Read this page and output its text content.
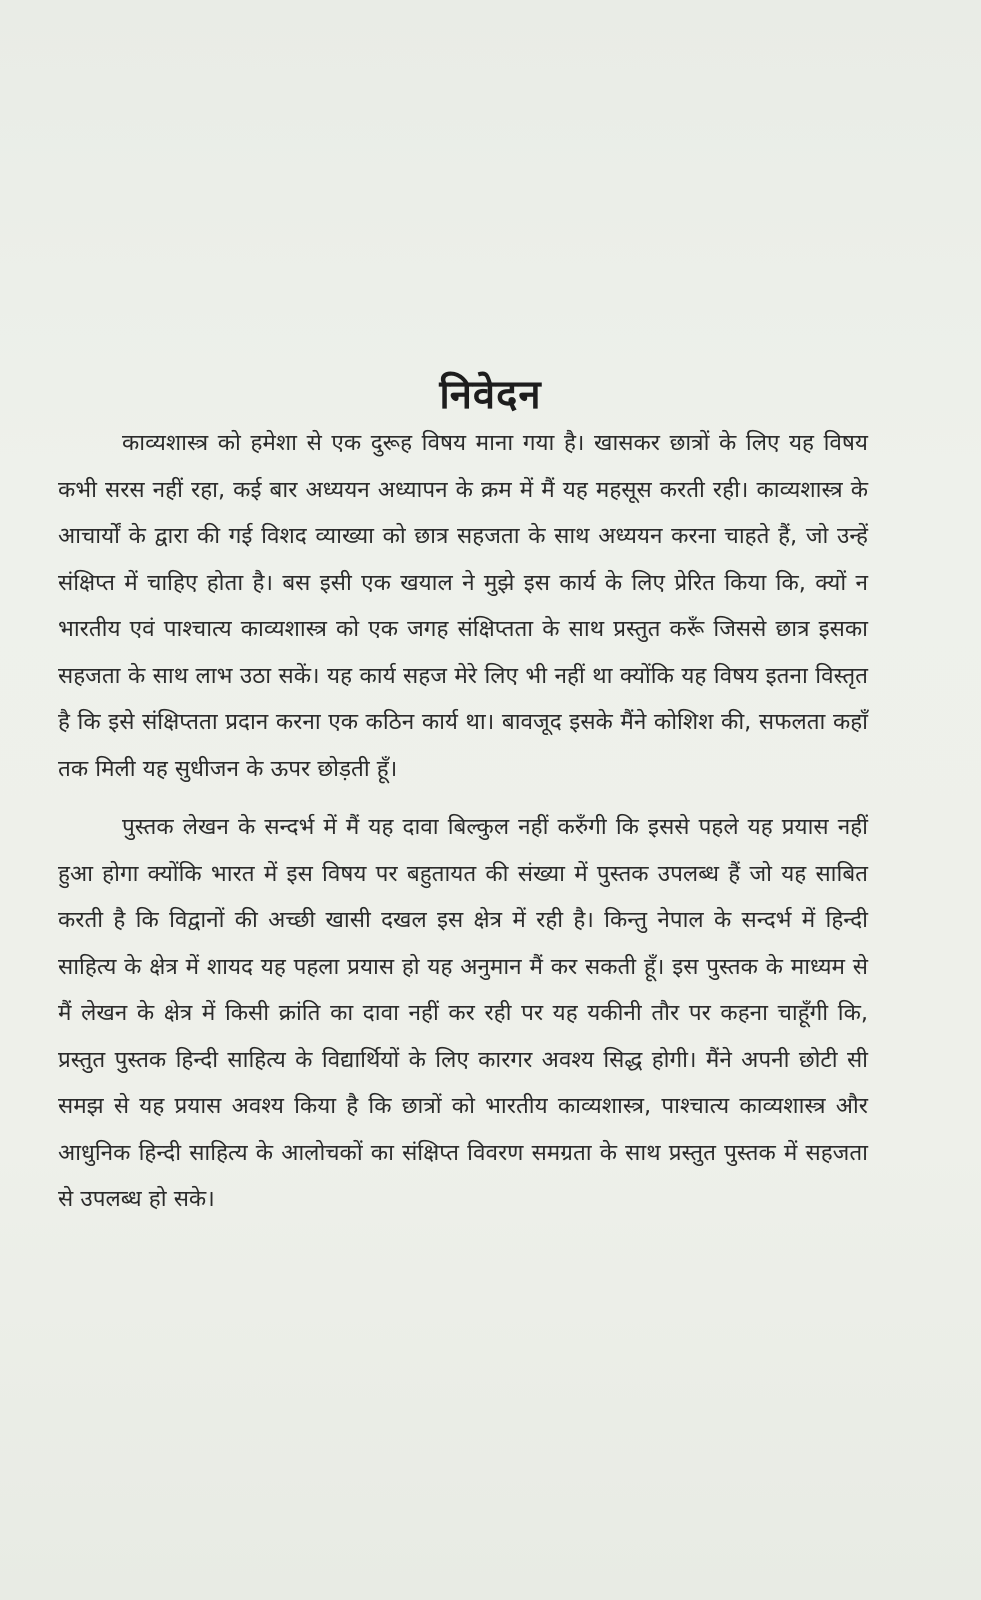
निवेदन

काव्यशास्त्र को हमेशा से एक दुरूह विषय माना गया है। खासकर छात्रों के लिए यह विषय कभी सरस नहीं रहा, कई बार अध्ययन अध्यापन के क्रम में मैं यह महसूस करती रही। काव्यशास्त्र के आचार्यों के द्वारा की गई विशद व्याख्या को छात्र सहजता के साथ अध्ययन करना चाहते हैं, जो उन्हें संक्षिप्त में चाहिए होता है। बस इसी एक खयाल ने मुझे इस कार्य के लिए प्रेरित किया कि, क्यों न भारतीय एवं पाश्चात्य काव्यशास्त्र को एक जगह संक्षिप्तता के साथ प्रस्तुत करूँ जिससे छात्र इसका सहजता के साथ लाभ उठा सकें। यह कार्य सहज मेरे लिए भी नहीं था क्योंकि यह विषय इतना विस्तृत है कि इसे संक्षिप्तता प्रदान करना एक कठिन कार्य था। बावजूद इसके मैंने कोशिश की, सफलता कहाँ तक मिली यह सुधीजन के ऊपर छोड़ती हूँ।

पुस्तक लेखन के सन्दर्भ में मैं यह दावा बिल्कुल नहीं करुँगी कि इससे पहले यह प्रयास नहीं हुआ होगा क्योंकि भारत में इस विषय पर बहुतायत की संख्या में पुस्तक उपलब्ध हैं जो यह साबित करती है कि विद्वानों की अच्छी खासी दखल इस क्षेत्र में रही है। किन्तु नेपाल के सन्दर्भ में हिन्दी साहित्य के क्षेत्र में शायद यह पहला प्रयास हो यह अनुमान मैं कर सकती हूँ। इस पुस्तक के माध्यम से मैं लेखन के क्षेत्र में किसी क्रांति का दावा नहीं कर रही पर यह यकीनी तौर पर कहना चाहूँगी कि, प्रस्तुत पुस्तक हिन्दी साहित्य के विद्यार्थियों के लिए कारगर अवश्य सिद्ध होगी। मैंने अपनी छोटी सी समझ से यह प्रयास अवश्य किया है कि छात्रों को भारतीय काव्यशास्त्र, पाश्चात्य काव्यशास्त्र और आधुनिक हिन्दी साहित्य के आलोचकों का संक्षिप्त विवरण समग्रता के साथ प्रस्तुत पुस्तक में सहजता से उपलब्ध हो सके।
